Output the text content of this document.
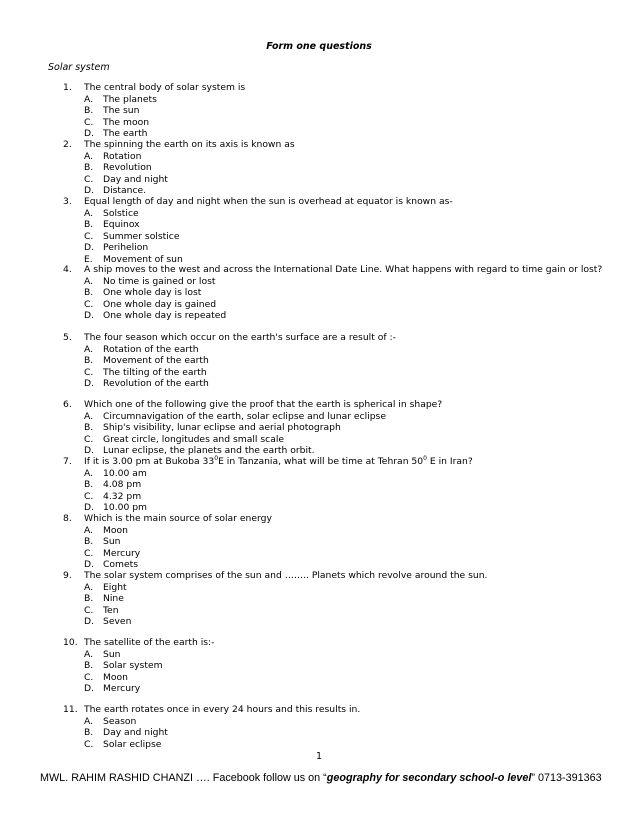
Form one questions
Solar system
1. The central body of solar system is
A. The planets
B. The sun
C. The moon
D. The earth
2. The spinning the earth on its axis is known as
A. Rotation
B. Revolution
C. Day and night
D. Distance.
3. Equal length of day and night when the sun is overhead at equator is known as-
A. Solstice
B. Equinox
C. Summer solstice
D. Perihelion
E. Movement of sun
4. A ship moves to the west and across the International Date Line. What happens with regard to time gain or lost?
A. No time is gained or lost
B. One whole day is lost
C. One whole day is gained
D. One whole day is repeated
5. The four season which occur on the earth's surface are a result of :-
A. Rotation of the earth
B. Movement of the earth
C. The tilting of the earth
D. Revolution of the earth
6. Which one of the following give the proof that the earth is spherical in shape?
A. Circumnavigation of the earth, solar eclipse and lunar eclipse
B. Ship's visibility, lunar eclipse and aerial photograph
C. Great circle, longitudes and small scale
D. Lunar eclipse, the planets and the earth orbit.
7. If it is 3.00 pm at Bukoba $33^0E$ in Tanzania, what will be time at Tehran $50^0$ E in Iran?
A. 10.00 am
B. 4.08 pm
C. 4.32 pm
D. 10.00 pm
8. Which is the main source of solar energy
A. Moon
B. Sun
C. Mercury
D. Comets
9. The solar system comprises of the sun and …….. Planets which revolve around the sun.
A. Eight
B. Nine
C. Ten
D. Seven
10. The satellite of the earth is:-
A. Sun
B. Solar system
C. Moon
D. Mercury
11. The earth rotates once in every 24 hours and this results in.
A. Season
B. Day and night
C. Solar eclipse
1
MWL. RAHIM RASHID CHANZI …. Facebook follow us on “geography for secondary school-o level” 0713-391363
